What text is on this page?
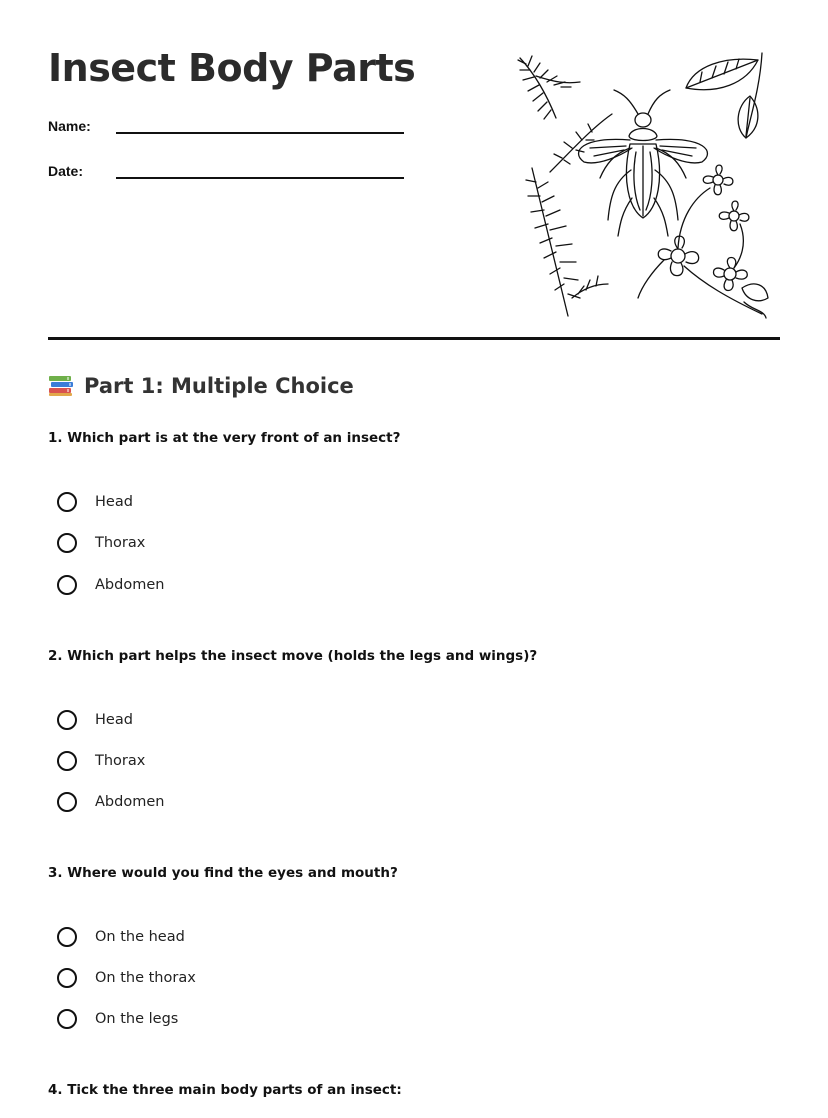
Insect Body Parts
Name:
Date:
Part 1: Multiple Choice

1. Which part is at the very front of an insect?

Head
Thorax
Abdomen

2. Which part helps the insect move (holds the legs and wings)?

Head
Thorax
Abdomen

3. Where would you find the eyes and mouth?

On the head
On the thorax
On the legs

4. Tick the three main body parts of an insect:
